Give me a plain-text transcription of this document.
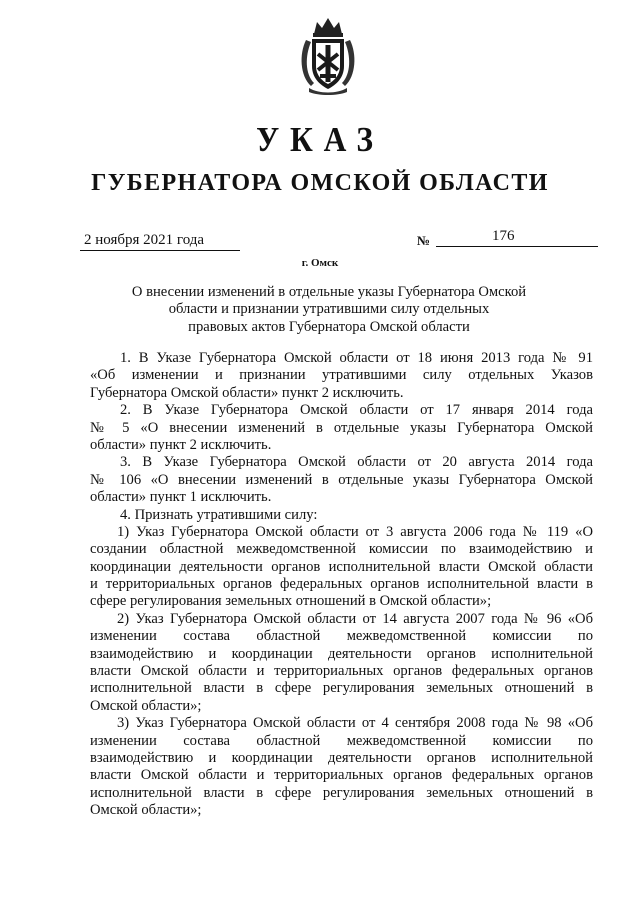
УКАЗ
ГУБЕРНАТОРА ОМСКОЙ ОБЛАСТИ
2 ноября 2021 года	№	176
г. Омск
О внесении изменений в отдельные указы Губернатора Омской
области и признании утратившими силу отдельных
правовых актов Губернатора Омской области
1. В Указе Губернатора Омской области от 18 июня 2013 года № 91
«Об изменении и признании утратившими силу отдельных Указов
Губернатора Омской области» пункт 2 исключить.
2. В Указе Губернатора Омской области от 17 января 2014 года
№ 5 «О внесении изменений в отдельные указы Губернатора Омской
области» пункт 2 исключить.
3. В Указе Губернатора Омской области от 20 августа 2014 года
№ 106 «О внесении изменений в отдельные указы Губернатора Омской
области» пункт 1 исключить.
4. Признать утратившими силу:
1) Указ Губернатора Омской области от 3 августа 2006 года № 119 «О
создании областной межведомственной комиссии по взаимодействию и
координации деятельности органов исполнительной власти Омской области
и территориальных органов федеральных органов исполнительной власти в
сфере регулирования земельных отношений в Омской области»;
2) Указ Губернатора Омской области от 14 августа 2007 года № 96 «Об
изменении состава областной межведомственной комиссии по
взаимодействию и координации деятельности органов исполнительной
власти Омской области и территориальных органов федеральных органов
исполнительной власти в сфере регулирования земельных отношений в
Омской области»;
3) Указ Губернатора Омской области от 4 сентября 2008 года № 98 «Об
изменении состава областной межведомственной комиссии по
взаимодействию и координации деятельности органов исполнительной
власти Омской области и территориальных органов федеральных органов
исполнительной власти в сфере регулирования земельных отношений в
Омской области»;
